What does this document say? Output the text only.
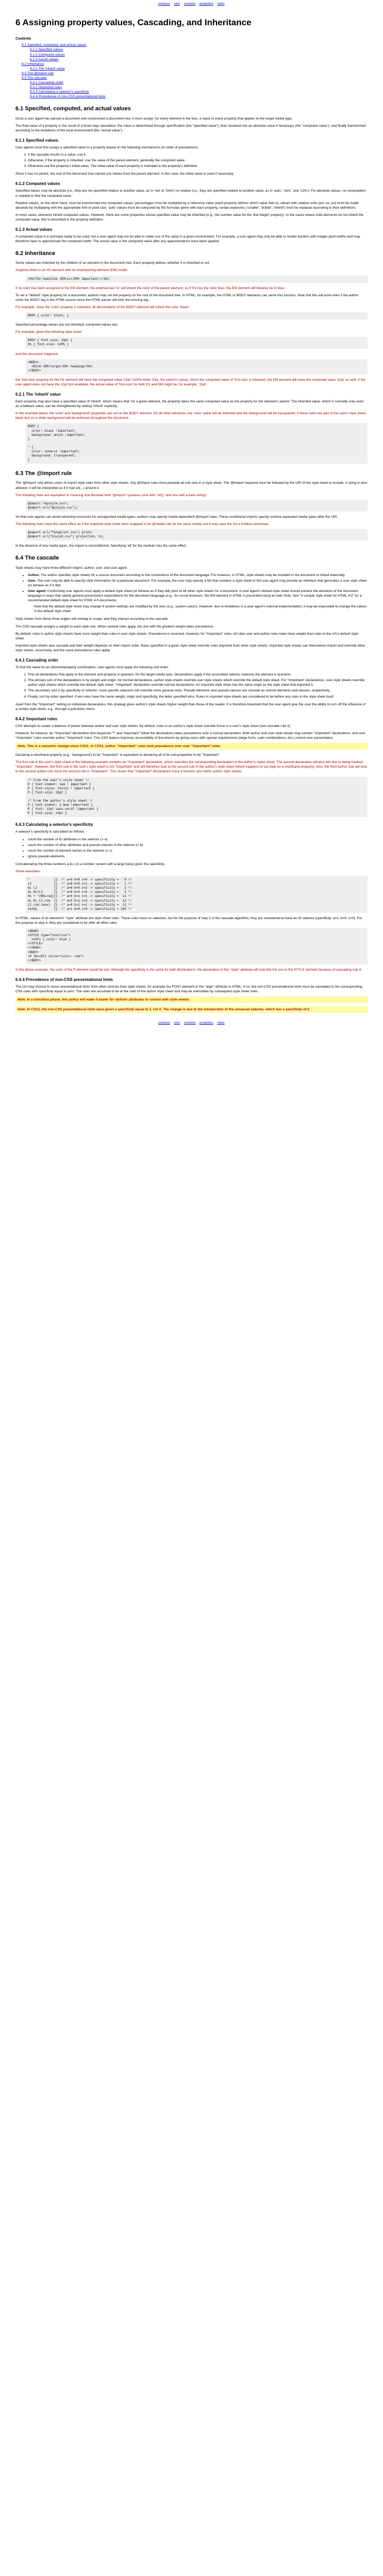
previous next contents properties index
6 Assigning property values, Cascading, and Inheritance
Contents
6.1 Specified, computed, and actual values
6.1.1 Specified values
6.1.2 Computed values
6.1.3 Actual values
6.2 Inheritance
6.2.1 The 'inherit' value
6.3 The @import rule
6.4 The cascade
6.4.1 Cascading order
6.4.2 !important rules
6.4.3 Calculating a selector's specificity
6.4.4 Precedence of non-CSS presentational hints
6.1 Specified, computed, and actual values

Once a user agent has parsed a document and constructed a document tree, it must assign, for every element in the tree, a value to every property that applies to the target media type.

The final value of a property is the result of a three-step calculation: the value is determined through specification (the "specified value"), then resolved into an absolute value if necessary (the "computed value"), and finally transformed according to the limitations of the local environment (the "actual value").

6.1.1 Specified values

User agents must first assign a specified value to a property based on the following mechanisms (in order of precedence):

1. If the cascade results in a value, use it.
2. Otherwise, if the property is inherited, use the value of the parent element, generally the computed value.
3. Otherwise use the property's initial value. The initial value of each property is indicated in the property's definition.

Since it has no parent, the root of the document tree cannot use values from the parent element; in this case, the initial value is used if necessary.

6.1.2 Computed values

Specified values may be absolute (i.e., they are not specified relative to another value, as in 'red' or '2mm') or relative (i.e., they are specified relative to another value, as in 'auto', '2em', and '12%'). For absolute values, no computation is needed to find the computed value.

Relative values, on the other hand, must be transformed into computed values: percentages must be multiplied by a reference value (each property defines which value that is), values with relative units (em, ex, px) must be made absolute by multiplying with the appropriate font or pixel size, 'auto' values must be computed by the formulas given with each property, certain keywords ('smaller', 'bolder', 'inherit') must be replaced according to their definitions.

In most cases, elements inherit computed values. However, there are some properties whose specified value may be inherited (e.g., the number value for the 'line-height' property). In the cases where child elements do not inherit the computed value, this is described in the property definition.

6.1.3 Actual values

A computed value is in principle ready to be used, but a user agent may not be able to make use of the value in a given environment. For example, a user agent may only be able to render borders with integer pixel widths and may therefore have to approximate the computed width. The actual value is the computed value after any approximations have been applied.

6.2 Inheritance

Some values are inherited by the children of an element in the document tree. Each property defines whether it is inherited or not.

Suppose there is an H1 element with an emphasizing element (EM) inside:

<H1>The headline <EM>is</EM> important!</H1>

If no color has been assigned to the EM element, the emphasized "is" will inherit the color of the parent element, so if H1 has the color blue, the EM element will likewise be in blue.

To set a "default" style property for a document, authors may set the property on the root of the document tree. In HTML, for example, the HTML or BODY elements can serve this function. Note that this will work even if the author omits the BODY tag in the HTML source since the HTML parser will infer the missing tag.

For example, since the 'color' property is inherited, all descendants of the BODY element will inherit the color 'black':

BODY { color: black; }

Specified percentage values are not inherited; computed values are.

For example, given the following style sheet:

BODY { font-size: 10pt }
H1 { font-size: 120% }

and this document fragment:

<BODY>
<H1>A <EM>large</EM> heading</H1>
</BODY>

the 'font-size' property for the H1 element will have the computed value '12pt' (120% times 10pt, the parent's value). Since the computed value of 'font-size' is inherited, the EM element will have the computed value '12pt' as well. If the user agent does not have the 12pt font available, the actual value of 'font-size' for both H1 and EM might be, for example, '11pt'.

6.2.1 The 'inherit' value

Each property may also have a specified value of 'inherit', which means that, for a given element, the property takes the same computed value as the property for the element's parent. The inherited value, which is normally only used as a fallback value, can be strengthened by setting 'inherit' explicitly.

In the example below, the 'color' and 'background' properties are set on the BODY element. On all other elements, the 'color' value will be inherited and the background will be transparent. If these rules are part of the user's style sheet, black text on a white background will be enforced throughout the document.

BODY {
color: black !important;
background: white !important;
}

* {
color: inherit !important;
background: transparent;
}
6.3 The @import rule

The '@import' rule allows users to import style rules from other style sheets. Any @import rules must precede all rule sets in a style sheet. The '@import' keyword must be followed by the URI of the style sheet to include. A string is also allowed; it will be interpreted as if it had url(...) around it.

The following lines are equivalent in meaning and illustrate both '@import' syntaxes (one with "url()" and one with a bare string):

@import "mystyle.css";
@import url("mystyle.css");

So that user agents can avoid retrieving resources for unsupported media types, authors may specify media-dependent @import rules. These conditional imports specify comma-separated media types after the URI.

The following rules have the same effect as if the imported style sheet were wrapped in an @media rule for the same media, but it may save the UA a fruitless download.

@import url("fineprint.css") print;
@import url("bluish.css") projection, tv;

In the absence of any media types, the import is unconditional. Specifying 'all' for the medium has the same effect.

6.4 The cascade

Style sheets may have three different origins: author, user, and user agent.

• Author. The author specifies style sheets for a source document according to the conventions of the document language. For instance, in HTML, style sheets may be included in the document or linked externally.
• User. The user may be able to specify style information for a particular document. For example, the user may specify a file that contains a style sheet or the user agent may provide an interface that generates a user style sheet (or behave as if it did).
• User agent. Conforming user agents must apply a default style sheet (or behave as if they did) prior to all other style sheets for a document. A user agent's default style sheet should present the elements of the document language in ways that satisfy general presentation expectations for the document language (e.g., for visual browsers, the EM element in HTML is presented using an italic font). See "A sample style sheet for HTML 4.0" for a recommended default style sheet for HTML 4.0 documents.

Note that the default style sheet may change if system settings are modified by the user (e.g., system colors). However, due to limitations in a user agent's internal implementation, it may be impossible to change the values in the default style sheet.

Style sheets from these three origins will overlap in scope, and they interact according to the cascade.

The CSS cascade assigns a weight to each style rule. When several rules apply, the one with the greatest weight takes precedence.

By default, rules in author style sheets have more weight than rules in user style sheets. Precedence is reversed, however, for "!important" rules. All rules user and author rules have more weight than rules in the UA's default style sheet.

Imported style sheets also cascade and their weight depends on their import order. Rules specified in a given style sheet override rules imported from other style sheets. Imported style sheets can themselves import and override other style sheets, recursively, and the same precedence rules apply.

6.4.1 Cascading order

To find the value for an element/property combination, user agents must apply the following sort order:

1. Find all declarations that apply to the element and property in question, for the target media type. Declarations apply if the associated selector matches the element in question.
2. The primary sort of the declarations is by weight and origin: for normal declarations, author style sheets override user style sheets which override the default style sheet. For "!important" declarations, user style sheets override author style sheets which override the default style sheet. "!important" declaration override normal declarations. An imported style sheet has the same origin as the style sheet that imported it.
3. The secondary sort is by specificity of selector: more specific selectors will override more general ones. Pseudo-elements and pseudo-classes are counted as normal elements and classes, respectively.
4. Finally, sort by order specified: if two rules have the same weight, origin and specificity, the latter specified wins. Rules in imported style sheets are considered to be before any rules in the style sheet itself.

Apart from the "!important" setting on individual declarations, this strategy gives author's style sheets higher weight than those of the reader. It is therefore important that the user agent give the user the ability to turn off the influence of a certain style sheet, e.g., through a pull-down menu.

6.4.2 !important rules

CSS attempts to create a balance of power between author and user style sheets. By default, rules in an author's style sheet override those in a user's style sheet (see cascade rule 3).

However, for balance, an "!important" declaration (the keywords "!" and "important" follow the declaration) takes precedence over a normal declaration. Both author and user style sheets may contain "!important" declarations, and user "!important" rules override author "!important" rules. This CSS feature improves accessibility of documents by giving users with special requirements (large fonts, color combinations, etc.) control over presentation.

Note. This is a semantic change since CSS1. In CSS1, author "!important" rules took precedence over user "!important" rules.

Declaring a shorthand property (e.g., 'background') to be "!important" is equivalent to declaring all of its sub-properties to be "!important".

The first rule in the user's style sheet in the following example contains an "!important" declaration, which overrides the corresponding declaration in the author's styles sheet. The second declaration will also win due to being marked "!important". However, the third rule in the user's style sheet is not "!important" and will therefore lose to the second rule in the author's style sheet (which happens to set style on a shorthand property). Also, the third author rule will lose to the second author rule since the second rule is "!important". This shows that "!important" declarations have a function also within author style sheets.

/* From the user's style sheet */
P { text-indent: 1em ! important }
P { font-style: italic ! important }
P { font-size: 18pt }

/* From the author's style sheet */
P { text-indent: 1.5em !important }
P { font: 12pt sans-serif !important }
P { font-size: 24pt }
6.4.3 Calculating a selector's specificity

A selector's specificity is calculated as follows:

• count the number of ID attributes in the selector (= a)
• count the number of other attributes and pseudo-classes in the selector (= b)
• count the number of element names in the selector (= c)
• ignore pseudo-elements.

Concatenating the three numbers a-b-c (in a number system with a large base) gives the specificity.

Some examples:

*             {}  /* a=0 b=0 c=0 -> specificity =   0 */
LI            {}  /* a=0 b=0 c=1 -> specificity =   1 */
UL LI         {}  /* a=0 b=0 c=2 -> specificity =   2 */
UL OL+LI      {}  /* a=0 b=0 c=3 -> specificity =   3 */
H1 + *[REL=up]{}  /* a=0 b=1 c=1 -> specificity =  11 */
UL OL LI.red  {}  /* a=0 b=1 c=3 -> specificity =  13 */
LI.red.level  {}  /* a=0 b=2 c=1 -> specificity =  21 */
#x34y         {}  /* a=1 b=0 c=0 -> specificity = 100 */

In HTML, values of an element's "style" attribute are style sheet rules. These rules have no selectors, but for the purpose of step 3 of the cascade algorithm, they are considered to have an ID selector (specificity: a=1, b=0, c=0). For the purpose of step 4, they are considered to be after all other rules.

<HEAD>
<STYLE type="text/css">
#x97z { color: blue }
</STYLE>
</HEAD>
<BODY>
<P ID=x97z style="color: red">
</BODY>

In the above example, the color of the P element would be red. Although the specificity is the same for both declarations, the declaration in the "style" attribute will override the one in the STYLE element because of cascading rule 4.

6.4.4 Precedence of non-CSS presentational hints

The UA may choose to honor presentational hints from other sources than style sheets, for example the FONT element or the "align" attribute in HTML. If so, the non-CSS presentational hints must be translated to the corresponding CSS rules with specificity equal to zero. The rules are assumed to be at the start of the author style sheet and may be overridden by subsequent style sheet rules.

Note. In a transition phase, this policy will make it easier for stylistic attributes to coexist with style sheets.
Note. In CSS1, the non-CSS presentational hints were given a specificity equal to 1, not 0. The change is due to the introduction of the universal selector, which has a specificity of 0.
previous next contents properties index
